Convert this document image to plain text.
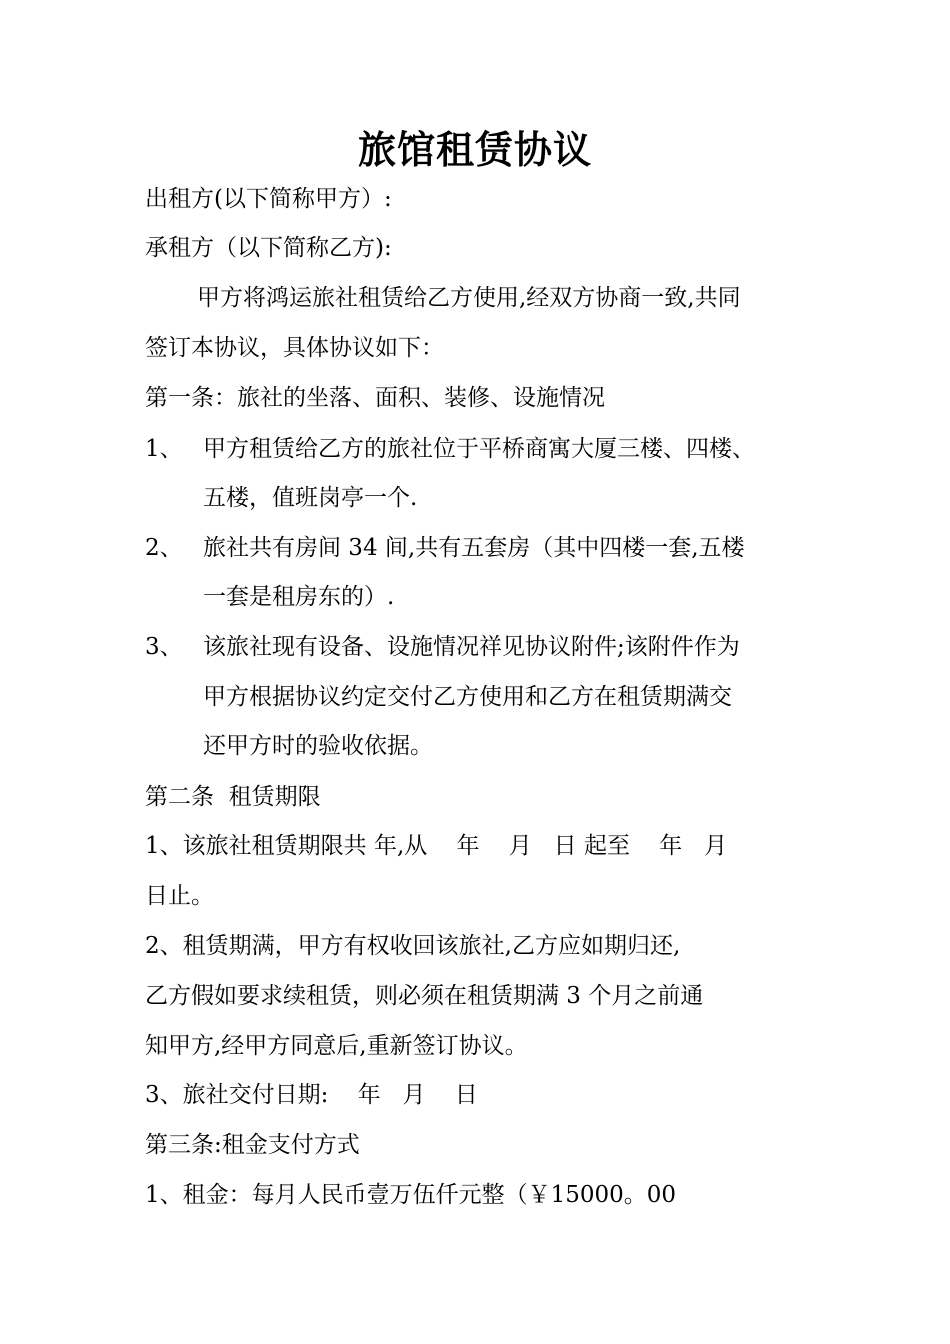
旅馆租赁协议
出租方(以下简称甲方）:
承租方（以下简称乙方):
甲方将鸿运旅社租赁给乙方使用,经双方协商一致,共同
签订本协议，具体协议如下：
第一条：旅社的坐落、面积、装修、设施情况
1、 甲方租赁给乙方的旅社位于平桥商寓大厦三楼、四楼、
五楼，值班岗亭一个.
2、 旅社共有房间 34 间,共有五套房（其中四楼一套,五楼
一套是租房东的）.
3、 该旅社现有设备、设施情况祥见协议附件;该附件作为
甲方根据协议约定交付乙方使用和乙方在租赁期满交
还甲方时的验收依据。
第二条  租赁期限
1、该旅社租赁期限共 年,从    年    月   日 起至    年   月
日止。
2、租赁期满，甲方有权收回该旅社,乙方应如期归还,
乙方假如要求续租赁，则必须在租赁期满 3 个月之前通
知甲方,经甲方同意后,重新签订协议。
3、旅社交付日期:    年   月    日
第三条:租金支付方式
1、租金：每月人民币壹万伍仟元整（￥15000。00
